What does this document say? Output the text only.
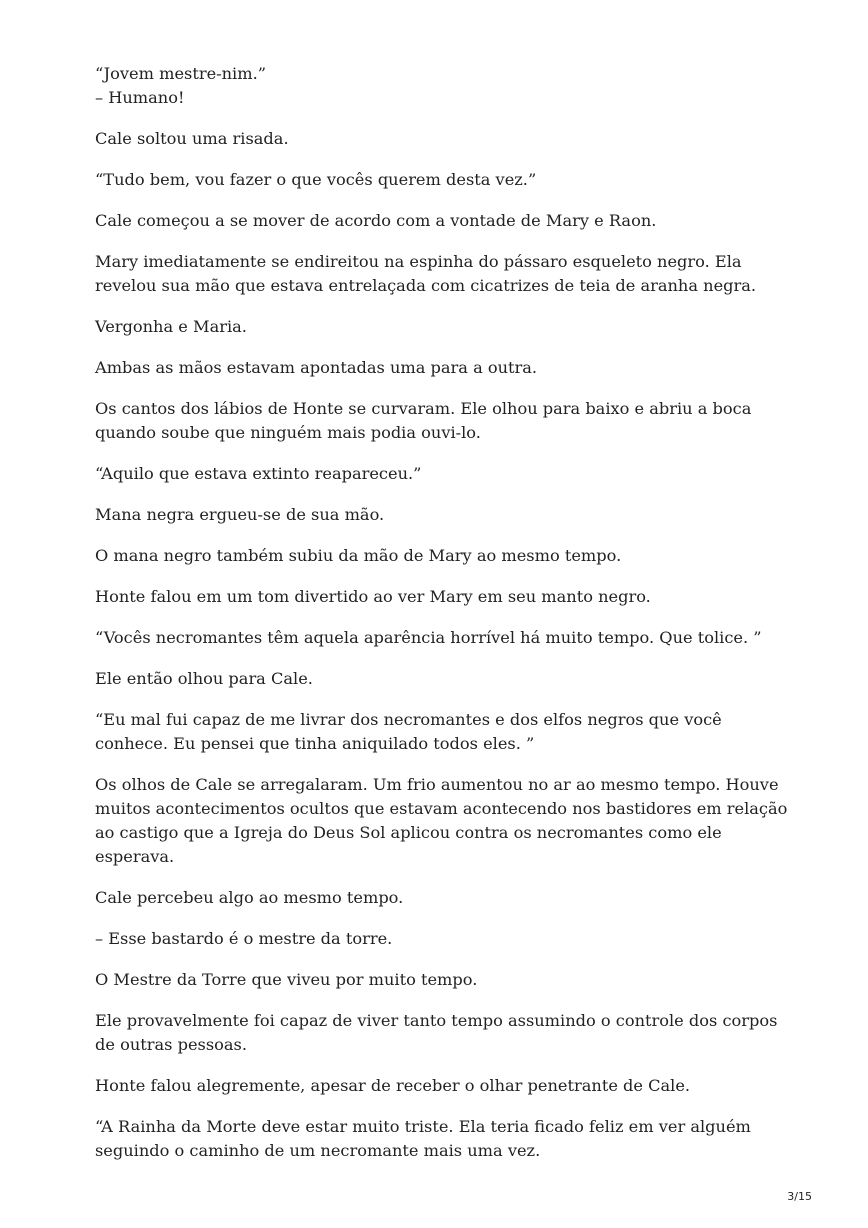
“Jovem mestre-nim.”

– Humano!

Cale soltou uma risada.

“Tudo bem, vou fazer o que vocês querem desta vez.”

Cale começou a se mover de acordo com a vontade de Mary e Raon.

Mary imediatamente se endireitou na espinha do pássaro esqueleto negro. Ela revelou sua mão que estava entrelaçada com cicatrizes de teia de aranha negra.

Vergonha e Maria.

Ambas as mãos estavam apontadas uma para a outra.

Os cantos dos lábios de Honte se curvaram. Ele olhou para baixo e abriu a boca quando soube que ninguém mais podia ouvi-lo.

“Aquilo que estava extinto reapareceu.”

Mana negra ergueu-se de sua mão.

O mana negro também subiu da mão de Mary ao mesmo tempo.

Honte falou em um tom divertido ao ver Mary em seu manto negro.

“Vocês necromantes têm aquela aparência horrível há muito tempo. Que tolice. ”

Ele então olhou para Cale.

“Eu mal fui capaz de me livrar dos necromantes e dos elfos negros que você conhece. Eu pensei que tinha aniquilado todos eles. ”

Os olhos de Cale se arregalaram. Um frio aumentou no ar ao mesmo tempo. Houve muitos acontecimentos ocultos que estavam acontecendo nos bastidores em relação ao castigo que a Igreja do Deus Sol aplicou contra os necromantes como ele esperava.

Cale percebeu algo ao mesmo tempo.

– Esse bastardo é o mestre da torre.

O Mestre da Torre que viveu por muito tempo.

Ele provavelmente foi capaz de viver tanto tempo assumindo o controle dos corpos de outras pessoas.

Honte falou alegremente, apesar de receber o olhar penetrante de Cale.

“A Rainha da Morte deve estar muito triste. Ela teria ficado feliz em ver alguém seguindo o caminho de um necromante mais uma vez.

3/15
